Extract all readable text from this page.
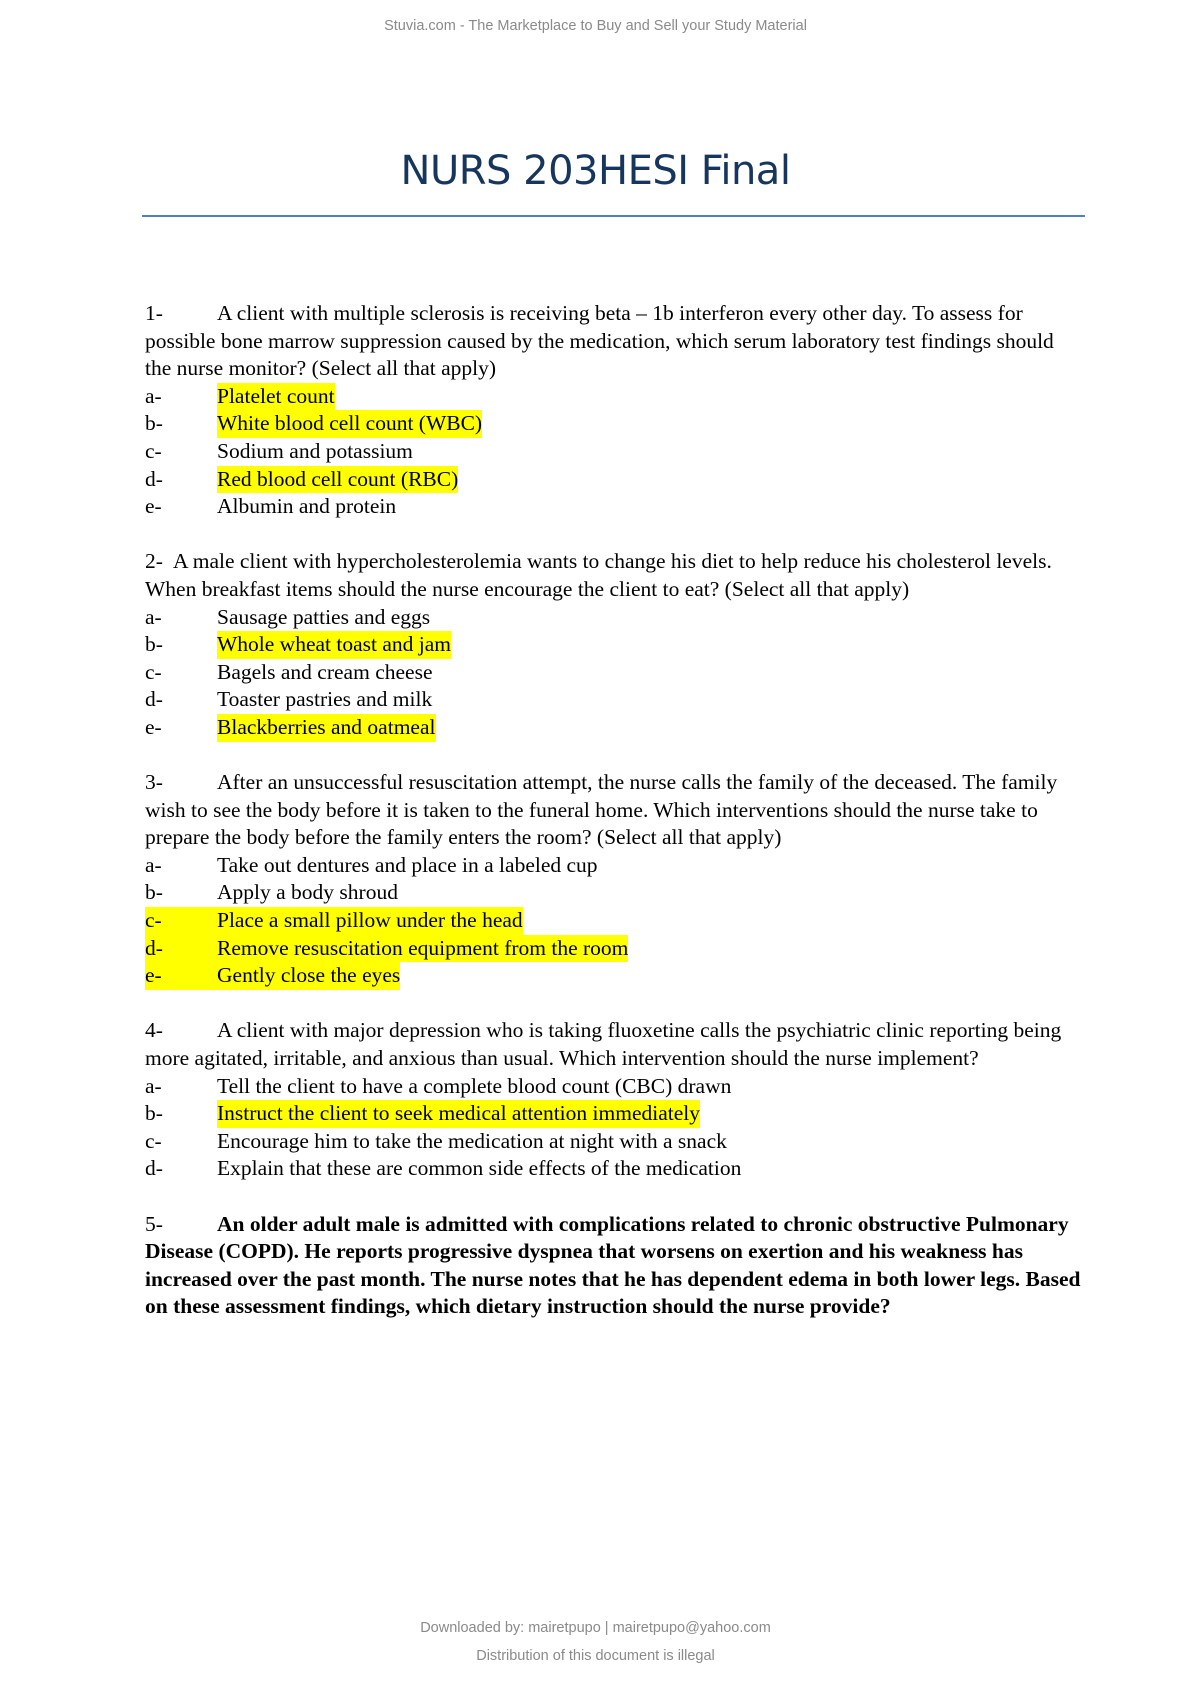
Stuvia.com - The Marketplace to Buy and Sell your Study Material
NURS 203HESI Final

1-	A client with multiple sclerosis is receiving beta – 1b interferon every other day. To assess for possible bone marrow suppression caused by the medication, which serum laboratory test findings should the nurse monitor? (Select all that apply)

a-	Platelet count
b-	White blood cell count (WBC)
c-	Sodium and potassium
d-	Red blood cell count (RBC)
e-	Albumin and protein

2- A male client with hypercholesterolemia wants to change his diet to help reduce his cholesterol levels. When breakfast items should the nurse encourage the client to eat? (Select all that apply)

a-	Sausage patties and eggs
b-	Whole wheat toast and jam
c-	Bagels and cream cheese
d-	Toaster pastries and milk
e-	Blackberries and oatmeal

3-	After an unsuccessful resuscitation attempt, the nurse calls the family of the deceased. The family wish to see the body before it is taken to the funeral home. Which interventions should the nurse take to prepare the body before the family enters the room? (Select all that apply)

a-	Take out dentures and place in a labeled cup
b-	Apply a body shroud
c-	Place a small pillow under the head
d-	Remove resuscitation equipment from the room
e-	Gently close the eyes

4-	A client with major depression who is taking fluoxetine calls the psychiatric clinic reporting being more agitated, irritable, and anxious than usual. Which intervention should the nurse implement?

a-	Tell the client to have a complete blood count (CBC) drawn
b-	Instruct the client to seek medical attention immediately
c-	Encourage him to take the medication at night with a snack
d-	Explain that these are common side effects of the medication

5-	An older adult male is admitted with complications related to chronic obstructive Pulmonary Disease (COPD). He reports progressive dyspnea that worsens on exertion and his weakness has increased over the past month. The nurse notes that he has dependent edema in both lower legs. Based on these assessment findings, which dietary instruction should the nurse provide?

Downloaded by: mairetpupo | mairetpupo@yahoo.com
Distribution of this document is illegal
